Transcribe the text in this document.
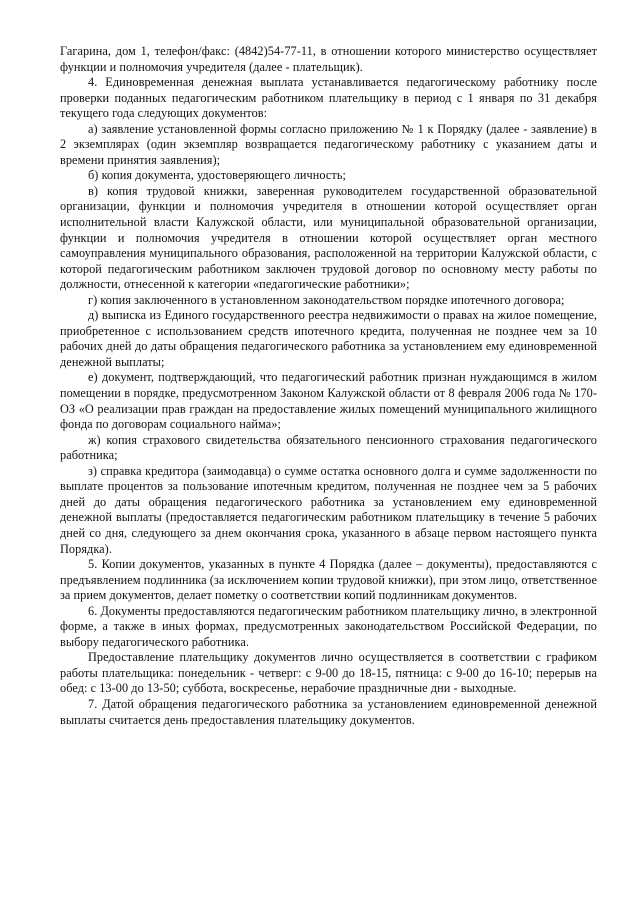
Гагарина, дом 1, телефон/факс: (4842)54-77-11, в отношении которого министерство осуществляет функции и полномочия учредителя (далее - плательщик).

4. Единовременная денежная выплата устанавливается педагогическому работнику после проверки поданных педагогическим работником плательщику в период с 1 января по 31 декабря текущего года следующих документов:

а) заявление установленной формы согласно приложению № 1 к Порядку (далее - заявление) в 2 экземплярах (один экземпляр возвращается педагогическому работнику с указанием даты и времени принятия заявления);

б) копия документа, удостоверяющего личность;

в) копия трудовой книжки, заверенная руководителем государственной образовательной организации, функции и полномочия учредителя в отношении которой осуществляет орган исполнительной власти Калужской области, или муниципальной образовательной организации, функции и полномочия учредителя в отношении которой осуществляет орган местного самоуправления муниципального образования, расположенной на территории Калужской области, с которой педагогическим работником заключен трудовой договор по основному месту работы по должности, отнесенной к категории «педагогические работники»;

г) копия заключенного в установленном законодательством порядке ипотечного договора;

д) выписка из Единого государственного реестра недвижимости о правах на жилое помещение, приобретенное с использованием средств ипотечного кредита, полученная не позднее чем за 10 рабочих дней до даты обращения педагогического работника за установлением ему единовременной денежной выплаты;

е) документ, подтверждающий, что педагогический работник признан нуждающимся в жилом помещении в порядке, предусмотренном Законом Калужской области от 8 февраля 2006 года № 170-ОЗ «О реализации прав граждан на предоставление жилых помещений муниципального жилищного фонда по договорам социального найма»;

ж) копия страхового свидетельства обязательного пенсионного страхования педагогического работника;

з) справка кредитора (заимодавца) о сумме остатка основного долга и сумме задолженности по выплате процентов за пользование ипотечным кредитом, полученная не позднее чем за 5 рабочих дней до даты обращения педагогического работника за установлением ему единовременной денежной выплаты (предоставляется педагогическим работником плательщику в течение 5 рабочих дней со дня, следующего за днем окончания срока, указанного в абзаце первом настоящего пункта Порядка).

5. Копии документов, указанных в пункте 4 Порядка (далее – документы), предоставляются с предъявлением подлинника (за исключением копии трудовой книжки), при этом лицо, ответственное за прием документов, делает пометку о соответствии копий подлинникам документов.

6. Документы предоставляются педагогическим работником плательщику лично, в электронной форме, а также в иных формах, предусмотренных законодательством Российской Федерации, по выбору педагогического работника.

Предоставление плательщику документов лично осуществляется в соответствии с графиком работы плательщика: понедельник - четверг: с 9-00 до 18-15, пятница: с 9-00 до 16-10; перерыв на обед: с 13-00 до 13-50; суббота, воскресенье, нерабочие праздничные дни - выходные.

7. Датой обращения педагогического работника за установлением единовременной денежной выплаты считается день предоставления плательщику документов.
